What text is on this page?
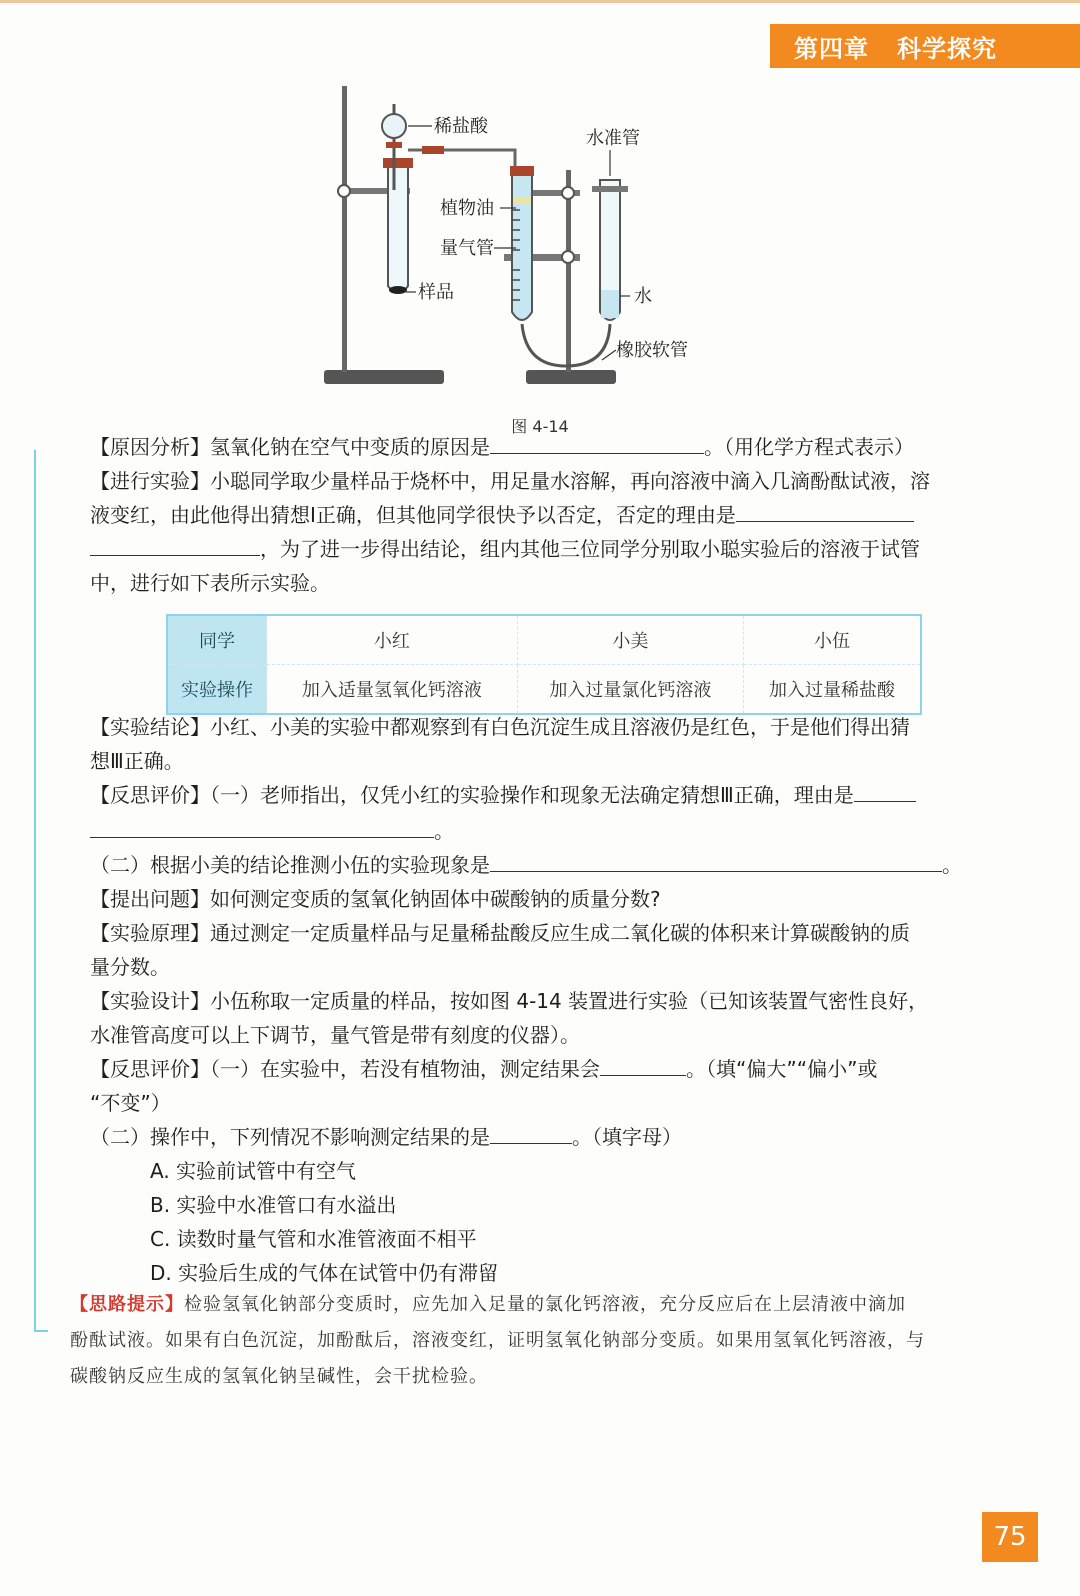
第四章 科学探究
稀盐酸
水准管
植物油
量气管
样品	水
橡胶软管
图 4-14
【原因分析】氢氧化钠在空气中变质的原因是	。（用化学方程式表示）
【进行实验】小聪同学取少量样品于烧杯中，用足量水溶解，再向溶液中滴入几滴酚酞试液，溶
液变红，由此他得出猜想Ⅰ正确，但其他同学很快予以否定，否定的理由是
，为了进一步得出结论，组内其他三位同学分别取小聪实验后的溶液于试管
中，进行如下表所示实验。
同学	小红	小美	小伍
实验操作	加入适量氢氧化钙溶液	加入过量氯化钙溶液	加入过量稀盐酸
【实验结论】小红、小美的实验中都观察到有白色沉淀生成且溶液仍是红色，于是他们得出猜
想Ⅲ正确。
【反思评价】（一）老师指出，仅凭小红的实验操作和现象无法确定猜想Ⅲ正确，理由是
。
（二）根据小美的结论推测小伍的实验现象是	。
【提出问题】如何测定变质的氢氧化钠固体中碳酸钠的质量分数?
【实验原理】通过测定一定质量样品与足量稀盐酸反应生成二氧化碳的体积来计算碳酸钠的质
量分数。
【实验设计】小伍称取一定质量的样品，按如图 4-14 装置进行实验（已知该装置气密性良好，
水准管高度可以上下调节，量气管是带有刻度的仪器）。
【反思评价】（一）在实验中，若没有植物油，测定结果会	。（填“偏大”“偏小”或
“不变”）
（二）操作中，下列情况不影响测定结果的是	。（填字母）
A. 实验前试管中有空气
B. 实验中水准管口有水溢出
C. 读数时量气管和水准管液面不相平
D. 实验后生成的气体在试管中仍有滞留
【思路提示】检验氢氧化钠部分变质时，应先加入足量的氯化钙溶液，充分反应后在上层清液中滴加
酚酞试液。如果有白色沉淀，加酚酞后，溶液变红，证明氢氧化钠部分变质。如果用氢氧化钙溶液，与
碳酸钠反应生成的氢氧化钠呈碱性，会干扰检验。
75
